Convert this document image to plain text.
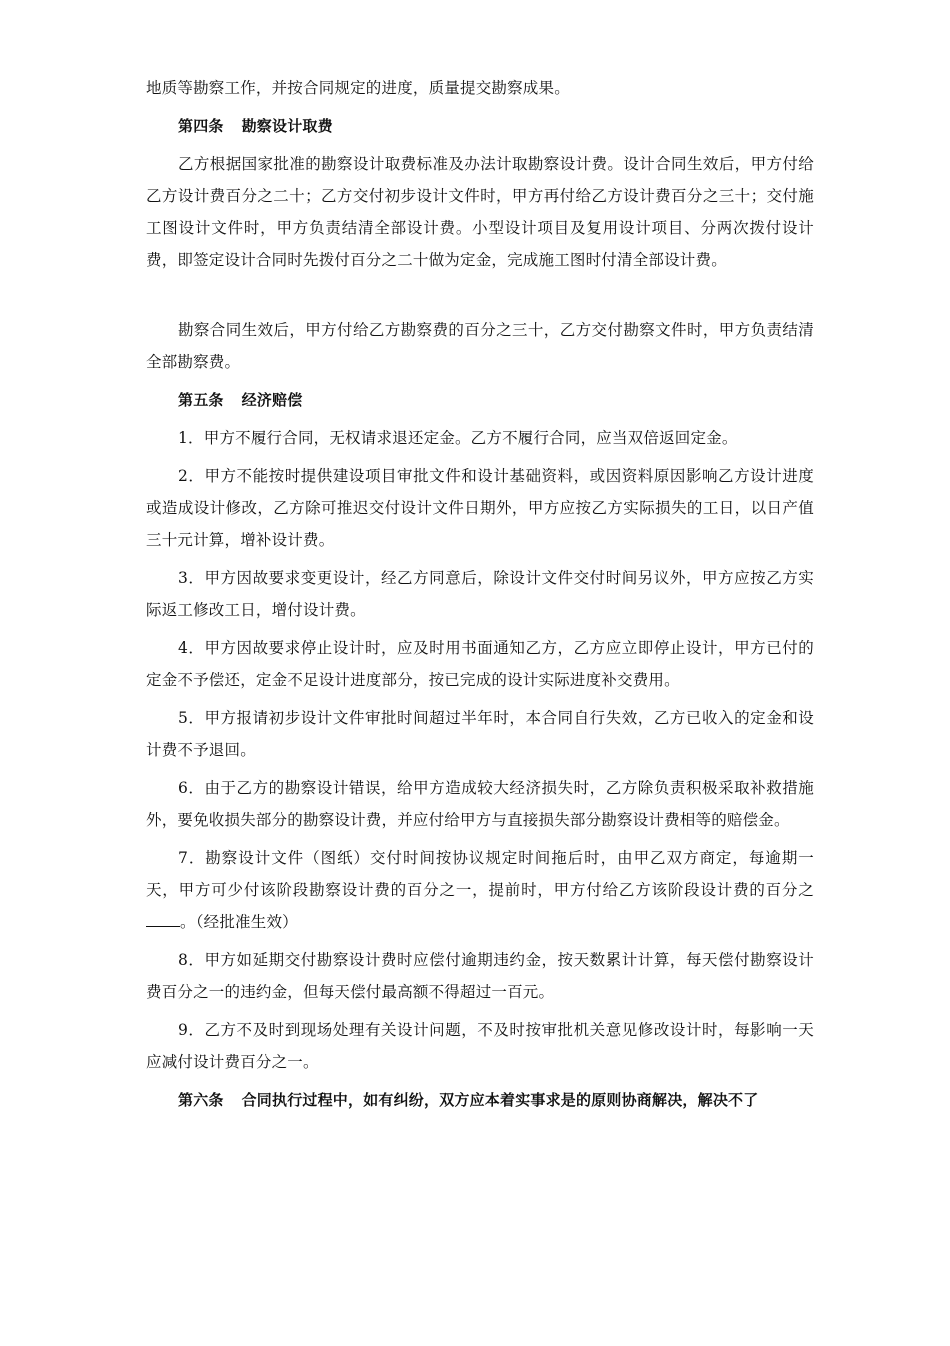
地质等勘察工作，并按合同规定的进度，质量提交勘察成果。

第四条 勘察设计取费

乙方根据国家批准的勘察设计取费标准及办法计取勘察设计费。设计合同生效后，甲方付给乙方设计费百分之二十；乙方交付初步设计文件时，甲方再付给乙方设计费百分之三十；交付施工图设计文件时，甲方负责结清全部设计费。小型设计项目及复用设计项目、分两次拨付设计费，即签定设计合同时先拨付百分之二十做为定金，完成施工图时付清全部设计费。

勘察合同生效后，甲方付给乙方勘察费的百分之三十，乙方交付勘察文件时，甲方负责结清全部勘察费。

第五条 经济赔偿

1．甲方不履行合同，无权请求退还定金。乙方不履行合同，应当双倍返回定金。

2．甲方不能按时提供建设项目审批文件和设计基础资料，或因资料原因影响乙方设计进度或造成设计修改，乙方除可推迟交付设计文件日期外，甲方应按乙方实际损失的工日，以日产值三十元计算，增补设计费。

3．甲方因故要求变更设计，经乙方同意后，除设计文件交付时间另议外，甲方应按乙方实际返工修改工日，增付设计费。

4．甲方因故要求停止设计时，应及时用书面通知乙方，乙方应立即停止设计，甲方已付的定金不予偿还，定金不足设计进度部分，按已完成的设计实际进度补交费用。

5．甲方报请初步设计文件审批时间超过半年时，本合同自行失效，乙方已收入的定金和设计费不予退回。

6．由于乙方的勘察设计错误，给甲方造成较大经济损失时，乙方除负责积极采取补救措施外，要免收损失部分的勘察设计费，并应付给甲方与直接损失部分勘察设计费相等的赔偿金。

7．勘察设计文件（图纸）交付时间按协议规定时间拖后时，由甲乙双方商定，每逾期一天，甲方可少付该阶段勘察设计费的百分之一，提前时，甲方付给乙方该阶段设计费的百分之。（经批准生效）

8．甲方如延期交付勘察设计费时应偿付逾期违约金，按天数累计计算，每天偿付勘察设计费百分之一的违约金，但每天偿付最高额不得超过一百元。

9．乙方不及时到现场处理有关设计问题，不及时按审批机关意见修改设计时，每影响一天应减付设计费百分之一。

第六条 合同执行过程中，如有纠纷，双方应本着实事求是的原则协商解决，解决不了
